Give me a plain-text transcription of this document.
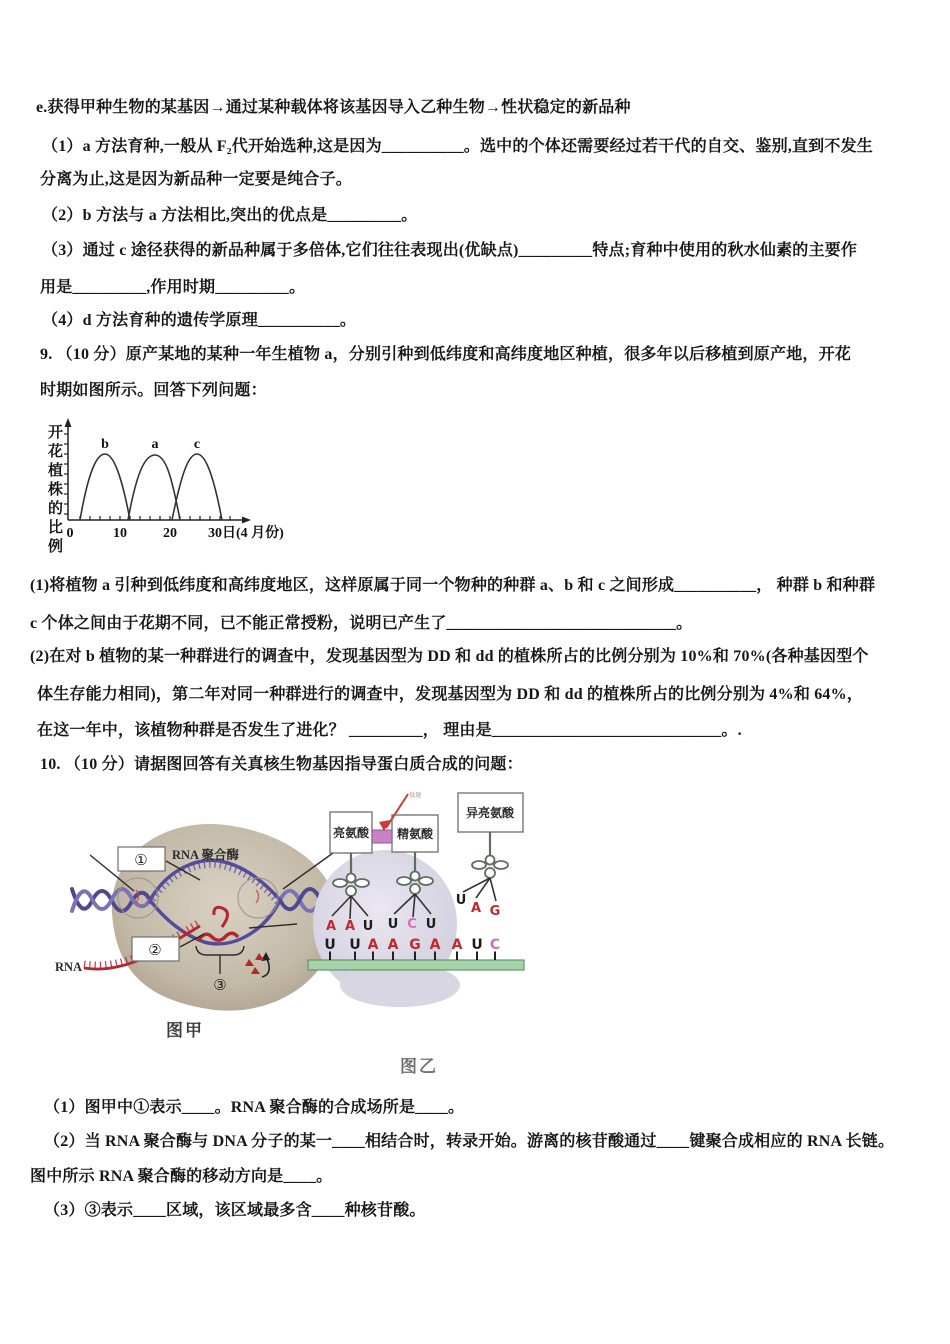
e.获得甲种生物的某基因→通过某种载体将该基因导入乙种生物→性状稳定的新品种
（1）a 方法育种,一般从 F₂代开始选种,这是因为__________。选中的个体还需要经过若干代的自交、鉴别,直到不发生
分离为止,这是因为新品种一定要是纯合子。
（2）b 方法与 a 方法相比,突出的优点是_________。
（3）通过 c 途径获得的新品种属于多倍体,它们往往表现出(优缺点)_________特点;育种中使用的秋水仙素的主要作
用是_________,作用时期_________。
（4）d 方法育种的遗传学原理__________。
9. （10 分）原产某地的某种一年生植物 a，分别引种到低纬度和高纬度地区种植，很多年以后移植到原产地，开花
时期如图所示。回答下列问题：
(1)将植物 a 引种到低纬度和高纬度地区，这样原属于同一个物种的种群 a、b 和 c 之间形成__________， 种群 b 和种群
c 个体之间由于花期不同，已不能正常授粉，说明已产生了____________________________。
(2)在对 b 植物的某一种群进行的调查中，发现基因型为 DD 和 dd 的植株所占的比例分别为 10%和 70%(各种基因型个
体生存能力相同)，第二年对同一种群进行的调查中，发现基因型为 DD 和 dd 的植株所占的比例分别为 4%和 64%，
在这一年中，该植物种群是否发生了进化？ _________， 理由是____________________________。.
10. （10 分）请据图回答有关真核生物基因指导蛋白质合成的问题：
（1）图甲中①表示____。RNA 聚合酶的合成场所是____。
（2）当 RNA 聚合酶与 DNA 分子的某一____相结合时，转录开始。游离的核苷酸通过____键聚合成相应的 RNA 长链。
图中所示 RNA 聚合酶的移动方向是____。
（3）③表示____区域，该区域最多含____种核苷酸。
开花植株的比例
b	a	c
0	10	20 30日(4 月份)
①
②
RNA 聚合酶
RNA
③
图甲
亮氨酸 精氨酸
异亮氨酸
肽键
A A U U C U
U
A G
U U A A G A A U C
图乙
